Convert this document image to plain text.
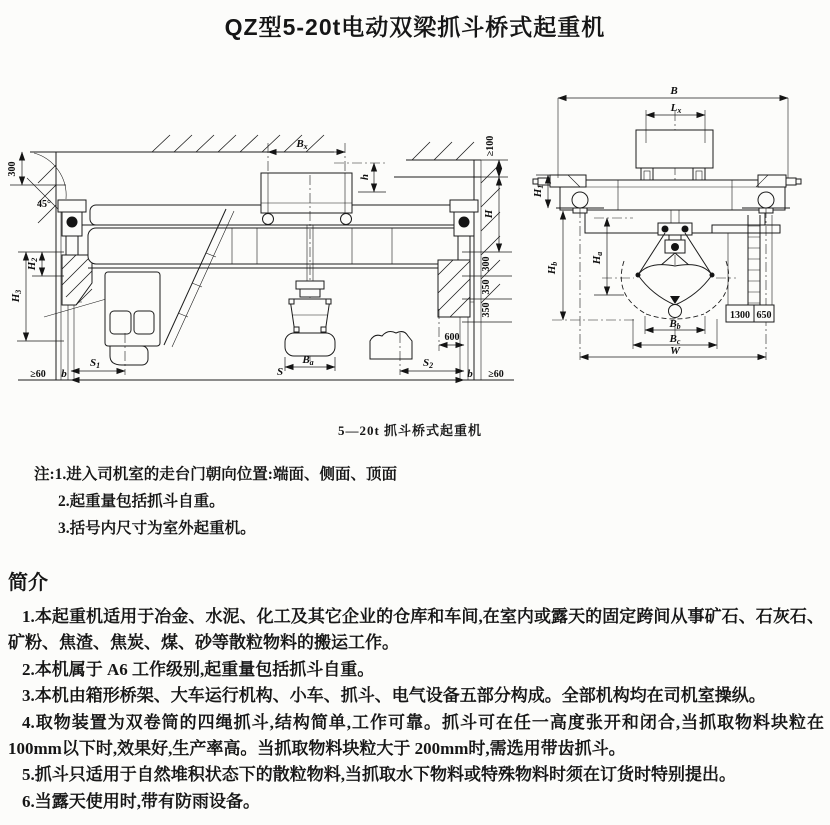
QZ型5-20t电动双梁抓斗桥式起重机
300
45°
Bx
h
≥100
H
300
350
350
H2
H3
S1	Ba
600
S2
S
b	b
≥60	≥60
B
Lx
H1
Hb	Ha
Bb
Bc
W
1300 650
5—20t 抓斗桥式起重机
注:1.进入司机室的走台门朝向位置:端面、侧面、顶面
2.起重量包括抓斗自重。
3.括号内尺寸为室外起重机。
简介

1.本起重机适用于冶金、水泥、化工及其它企业的仓库和车间,在室内或露天的固定跨间从事矿石、石灰石、矿粉、焦渣、焦炭、煤、砂等散粒物料的搬运工作。

2.本机属于 A6 工作级别,起重量包括抓斗自重。

3.本机由箱形桥架、大车运行机构、小车、抓斗、电气设备五部分构成。全部机构均在司机室操纵。

4.取物装置为双卷筒的四绳抓斗,结构简单,工作可靠。抓斗可在任一高度张开和闭合,当抓取物料块粒在 100mm以下时,效果好,生产率高。当抓取物料块粒大于 200mm时,需选用带齿抓斗。

5.抓斗只适用于自然堆积状态下的散粒物料,当抓取水下物料或特殊物料时须在订货时特别提出。

6.当露天使用时,带有防雨设备。
